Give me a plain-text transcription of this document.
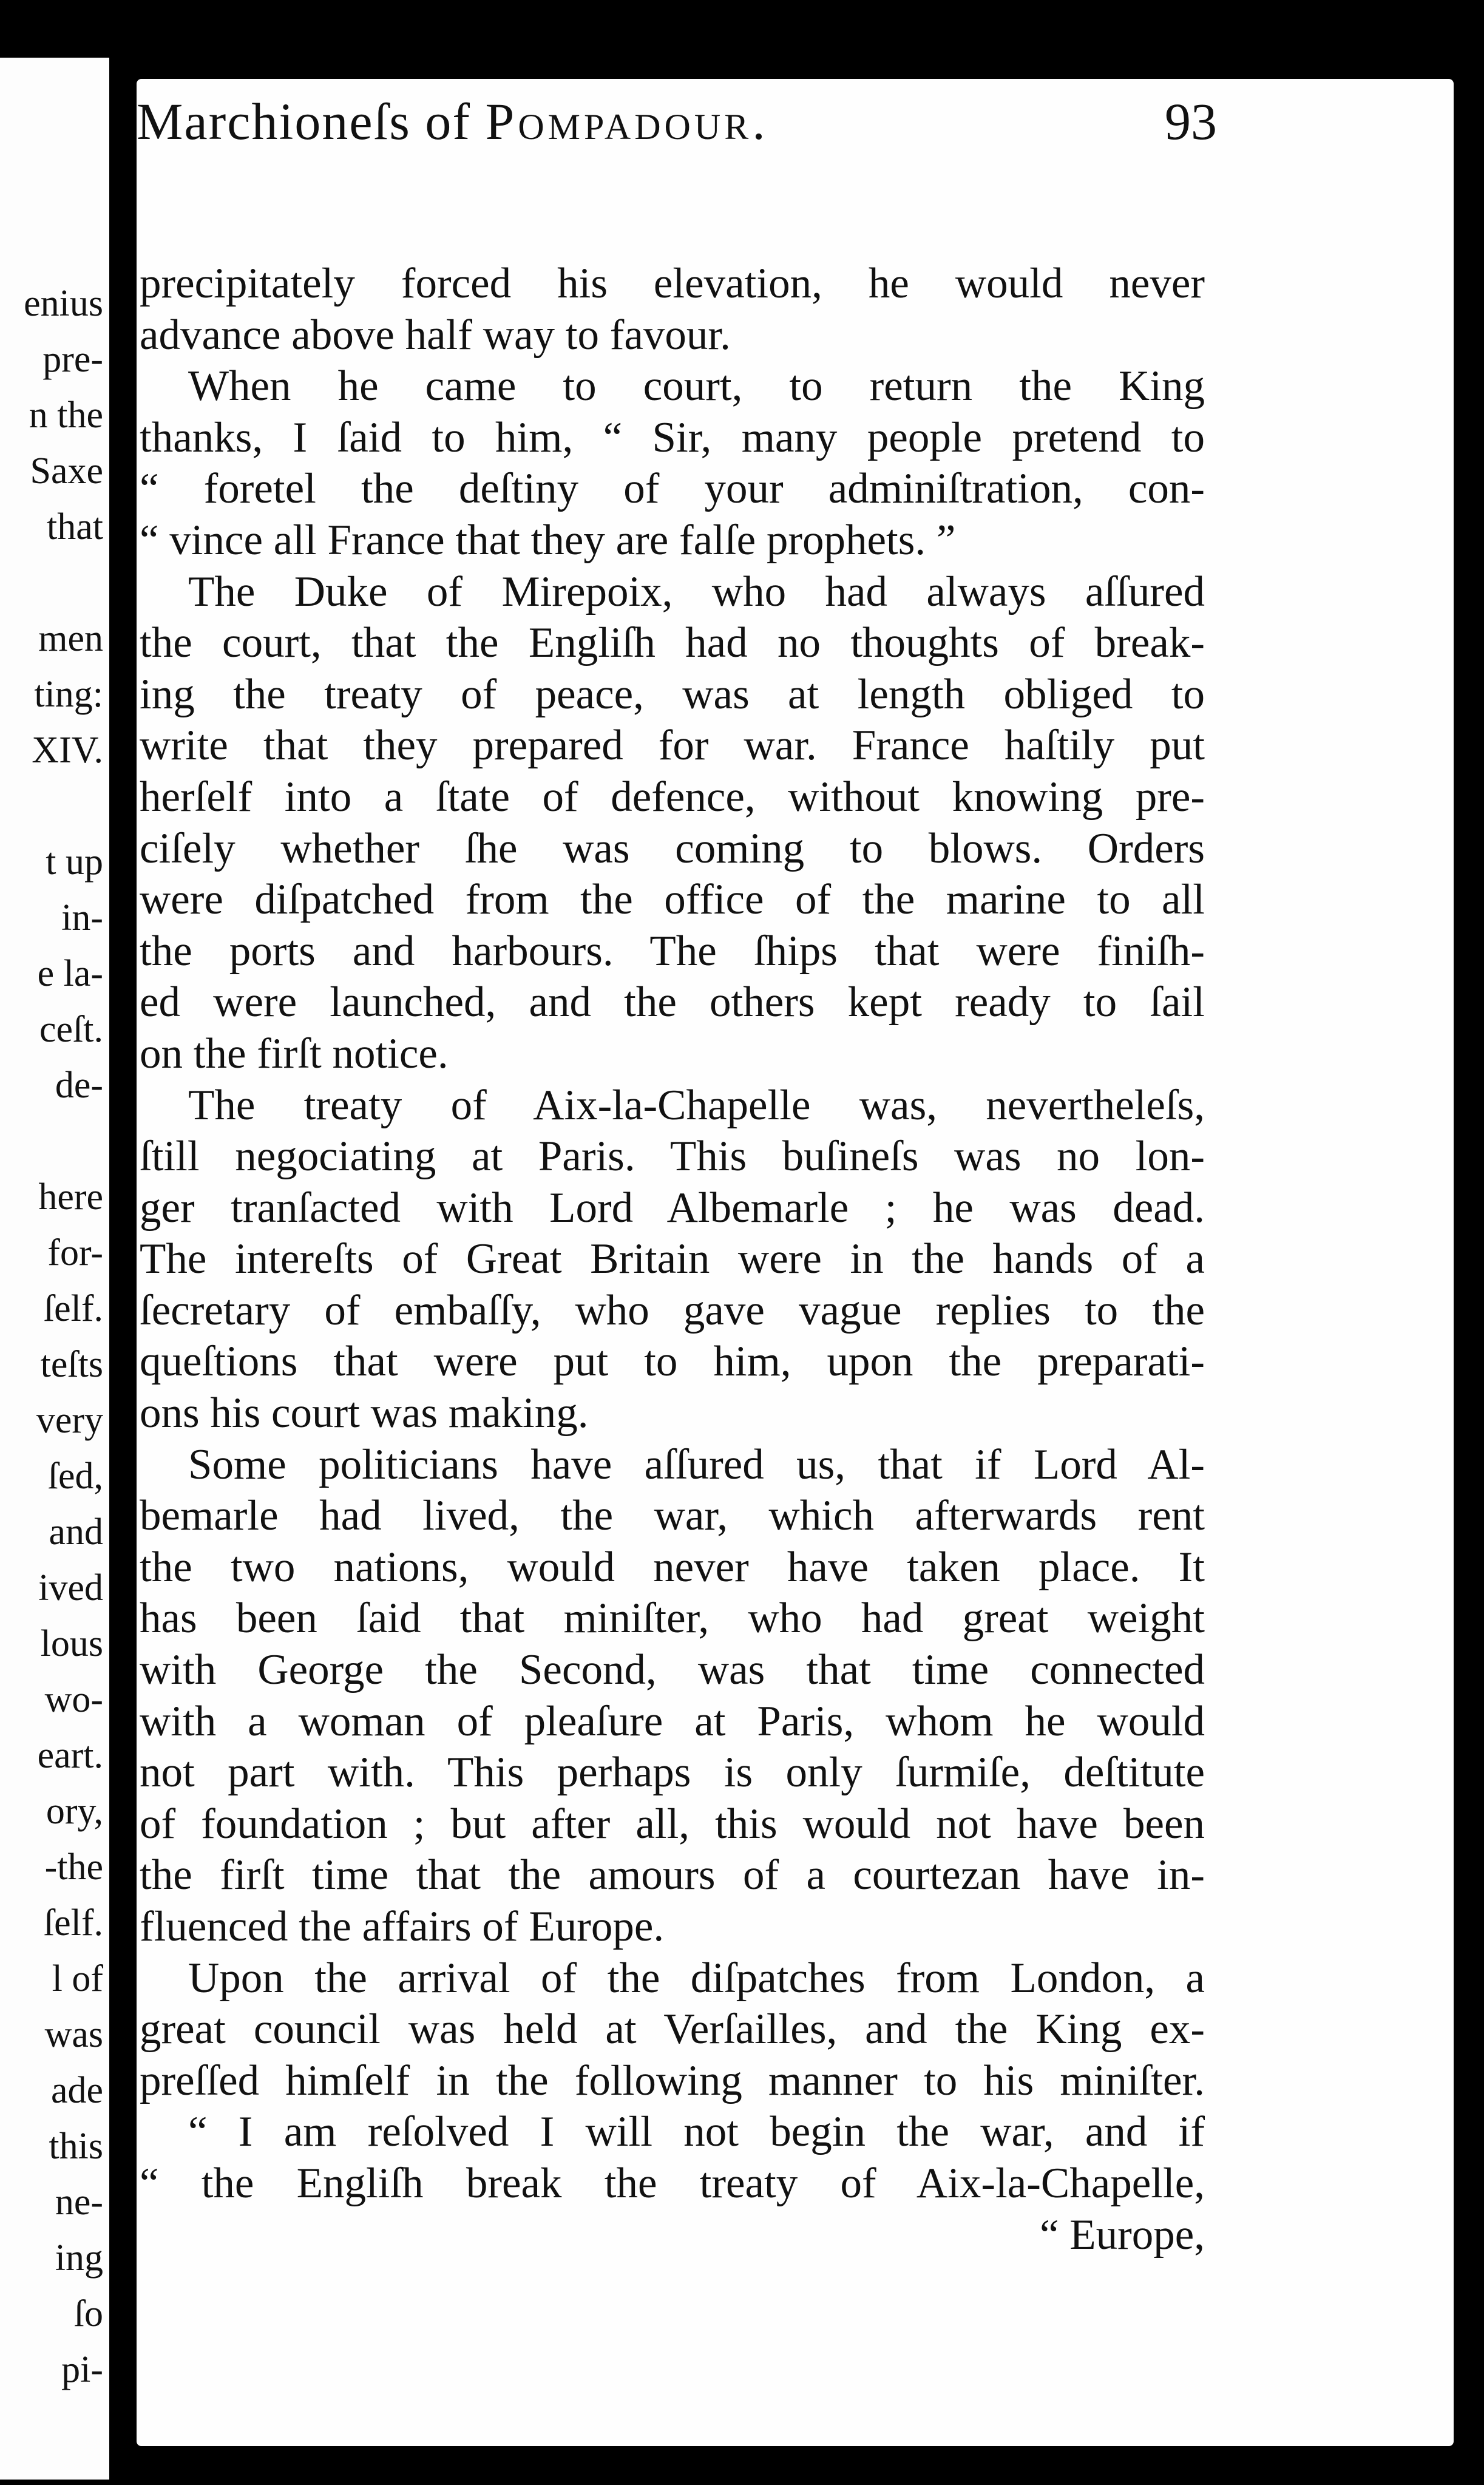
enius
pre-
n the
Saxe
that
men
ting:
XIV.
t up
in-
e la-
ceſt.
de-
here
for-
ſelf.
teſts
very
ſed,
and
ived
lous
wo-
eart.
ory,
-the
ſelf.
l of
was
ade
this
ne-
ing
ſo
pi-
Marchioneſs of Pompadour.	93
precipitately forced his elevation, he would never
advance above half way to favour.
When he came to court, to return the King
thanks, I ſaid to him, “ Sir, many people pretend to
“ foretel the deſtiny of your adminiſtration, con-
“ vince all France that they are falſe prophets. ”
The Duke of Mirepoix, who had always aſſured
the court, that the Engliſh had no thoughts of break-
ing the treaty of peace, was at length obliged to
write that they prepared for war. France haſtily put
herſelf into a ſtate of defence, without knowing pre-
ciſely whether ſhe was coming to blows. Orders
were diſpatched from the office of the marine to all
the ports and harbours. The ſhips that were finiſh-
ed were launched, and the others kept ready to ſail
on the firſt notice.
The treaty of Aix-la-Chapelle was, nevertheleſs,
ſtill negociating at Paris. This buſineſs was no lon-
ger tranſacted with Lord Albemarle ; he was dead.
The intereſts of Great Britain were in the hands of a
ſecretary of embaſſy, who gave vague replies to the
queſtions that were put to him, upon the preparati-
ons his court was making.
Some politicians have aſſured us, that if Lord Al-
bemarle had lived, the war, which afterwards rent
the two nations, would never have taken place. It
has been ſaid that miniſter, who had great weight
with George the Second, was that time connected
with a woman of pleaſure at Paris, whom he would
not part with. This perhaps is only ſurmiſe, deſtitute
of foundation ; but after all, this would not have been
the firſt time that the amours of a courtezan have in-
fluenced the affairs of Europe.
Upon the arrival of the diſpatches from London, a
great council was held at Verſailles, and the King ex-
preſſed himſelf in the following manner to his miniſter.
“ I am reſolved I will not begin the war, and if
“ the Engliſh break the treaty of Aix-la-Chapelle,
“ Europe,
